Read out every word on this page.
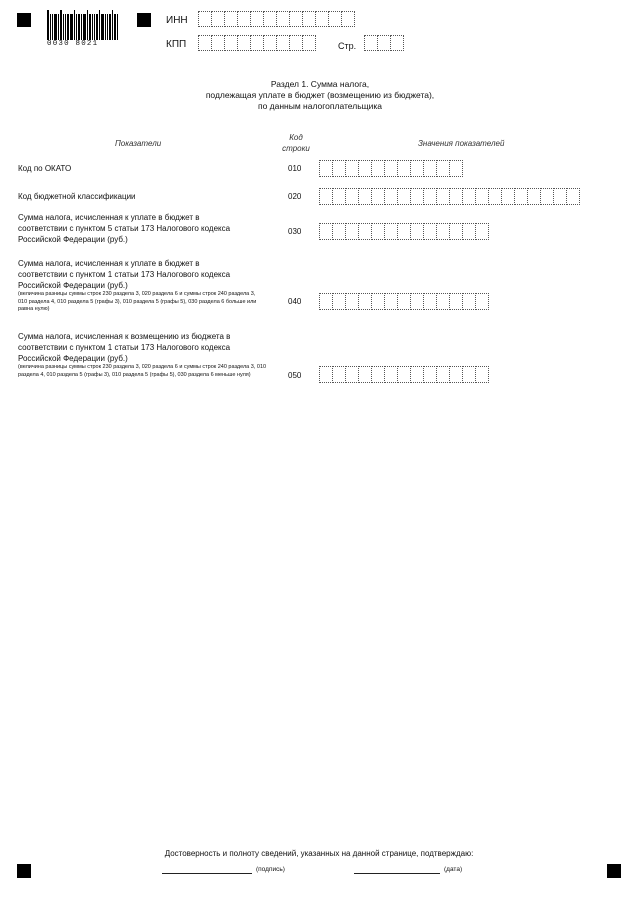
0030 8021
ИНН
КПП	Стр.
Раздел 1. Сумма налога,
подлежащая уплате в бюджет (возмещению из бюджета),
по данным налогоплательщика
Показатели
Код
строки
Значения показателей
Код по ОКАТО	010
Код бюджетной классификации	020
Сумма налога, исчисленная к уплате в бюджет в соответствии с пунктом 5 статьи 173 Налогового кодекса Российской Федерации (руб.)
030
Сумма налога, исчисленная к уплате в бюджет в соответствии с пунктом 1 статьи 173 Налогового кодекса Российской Федерации (руб.)
(величина разницы суммы строк 230 раздела 3, 020 раздела 6 и суммы строк 240 раздела 3, 010 раздела 4, 010 раздела 5 (графы 3), 010 раздела 5 (графы 5), 030 раздела 6 больше или равна нулю)
040
Сумма налога, исчисленная к возмещению из бюджета в соответствии с пунктом 1 статьи 173 Налогового кодекса Российской Федерации (руб.)
(величина разницы суммы строк 230 раздела 3, 020 раздела 6 и суммы строк 240 раздела 3, 010 раздела 4, 010 раздела 5 (графы 3), 010 раздела 5 (графы 5), 030 раздела 6 меньше нуля)	050
Достоверность и полноту сведений, указанных на данной странице, подтверждаю:
(подпись)	(дата)
